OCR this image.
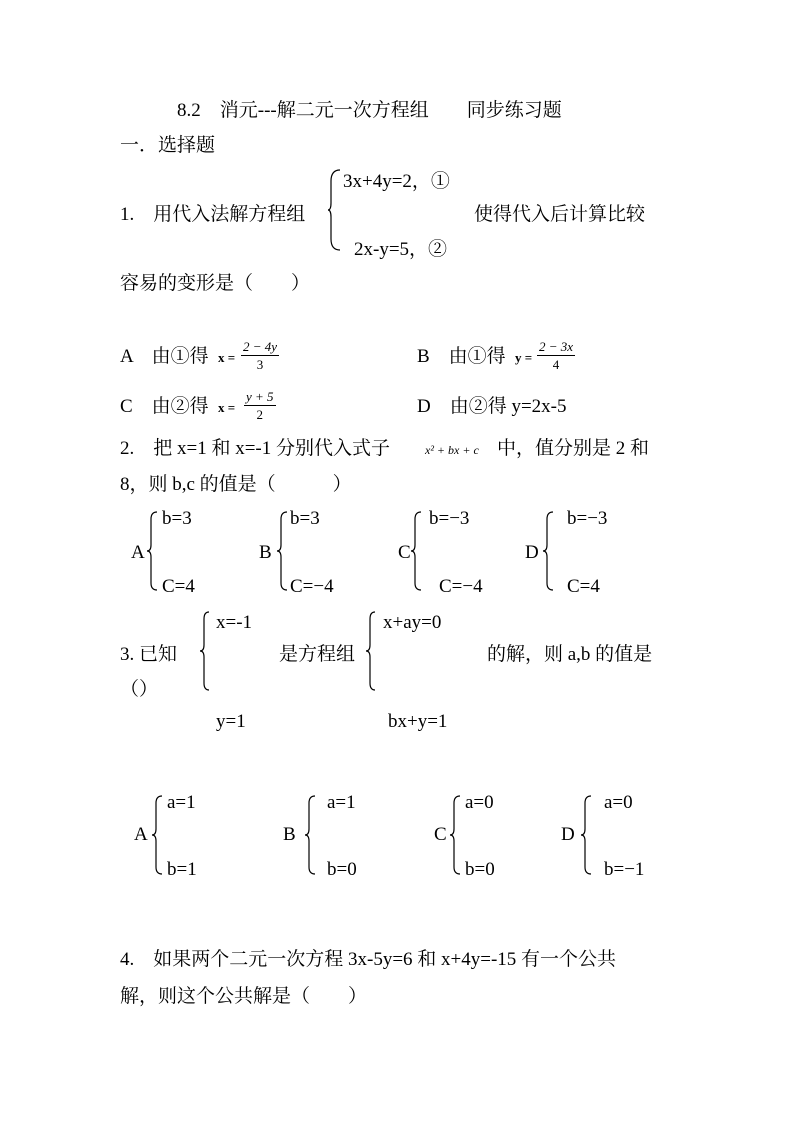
8.2　消元---解二元一次方程组　　同步练习题
一．选择题
1.　用代入法解方程组
3x+4y=2，①
2x-y=5，②
使得代入后计算比较
容易的变形是（　　）
A　由①得 $x = \frac{2 - 4y}{3}$	B　由①得 $y = \frac{2 - 3x}{4}$
C　由②得 $x = \frac{y + 5}{2}$	D　由②得 y=2x-5
2.　把 x=1 和 x=-1 分别代入式子	x² + bx + c 中，值分别是 2 和
8，则 b,c 的值是（　　　）
A
b=3
C=4
B
b=3
C=−4
C
b=−3
C=−4
D
b=−3
C=4
3. 已知
x=-1
y=1
是方程组
x+ay=0
bx+y=1
的解，则 a,b 的值是
（）
A
a=1
b=1
B
a=1
b=0
C
a=0
b=0
D
a=0
b=−1
4.　如果两个二元一次方程 3x-5y=6 和 x+4y=-15 有一个公共
解，则这个公共解是（　　）
